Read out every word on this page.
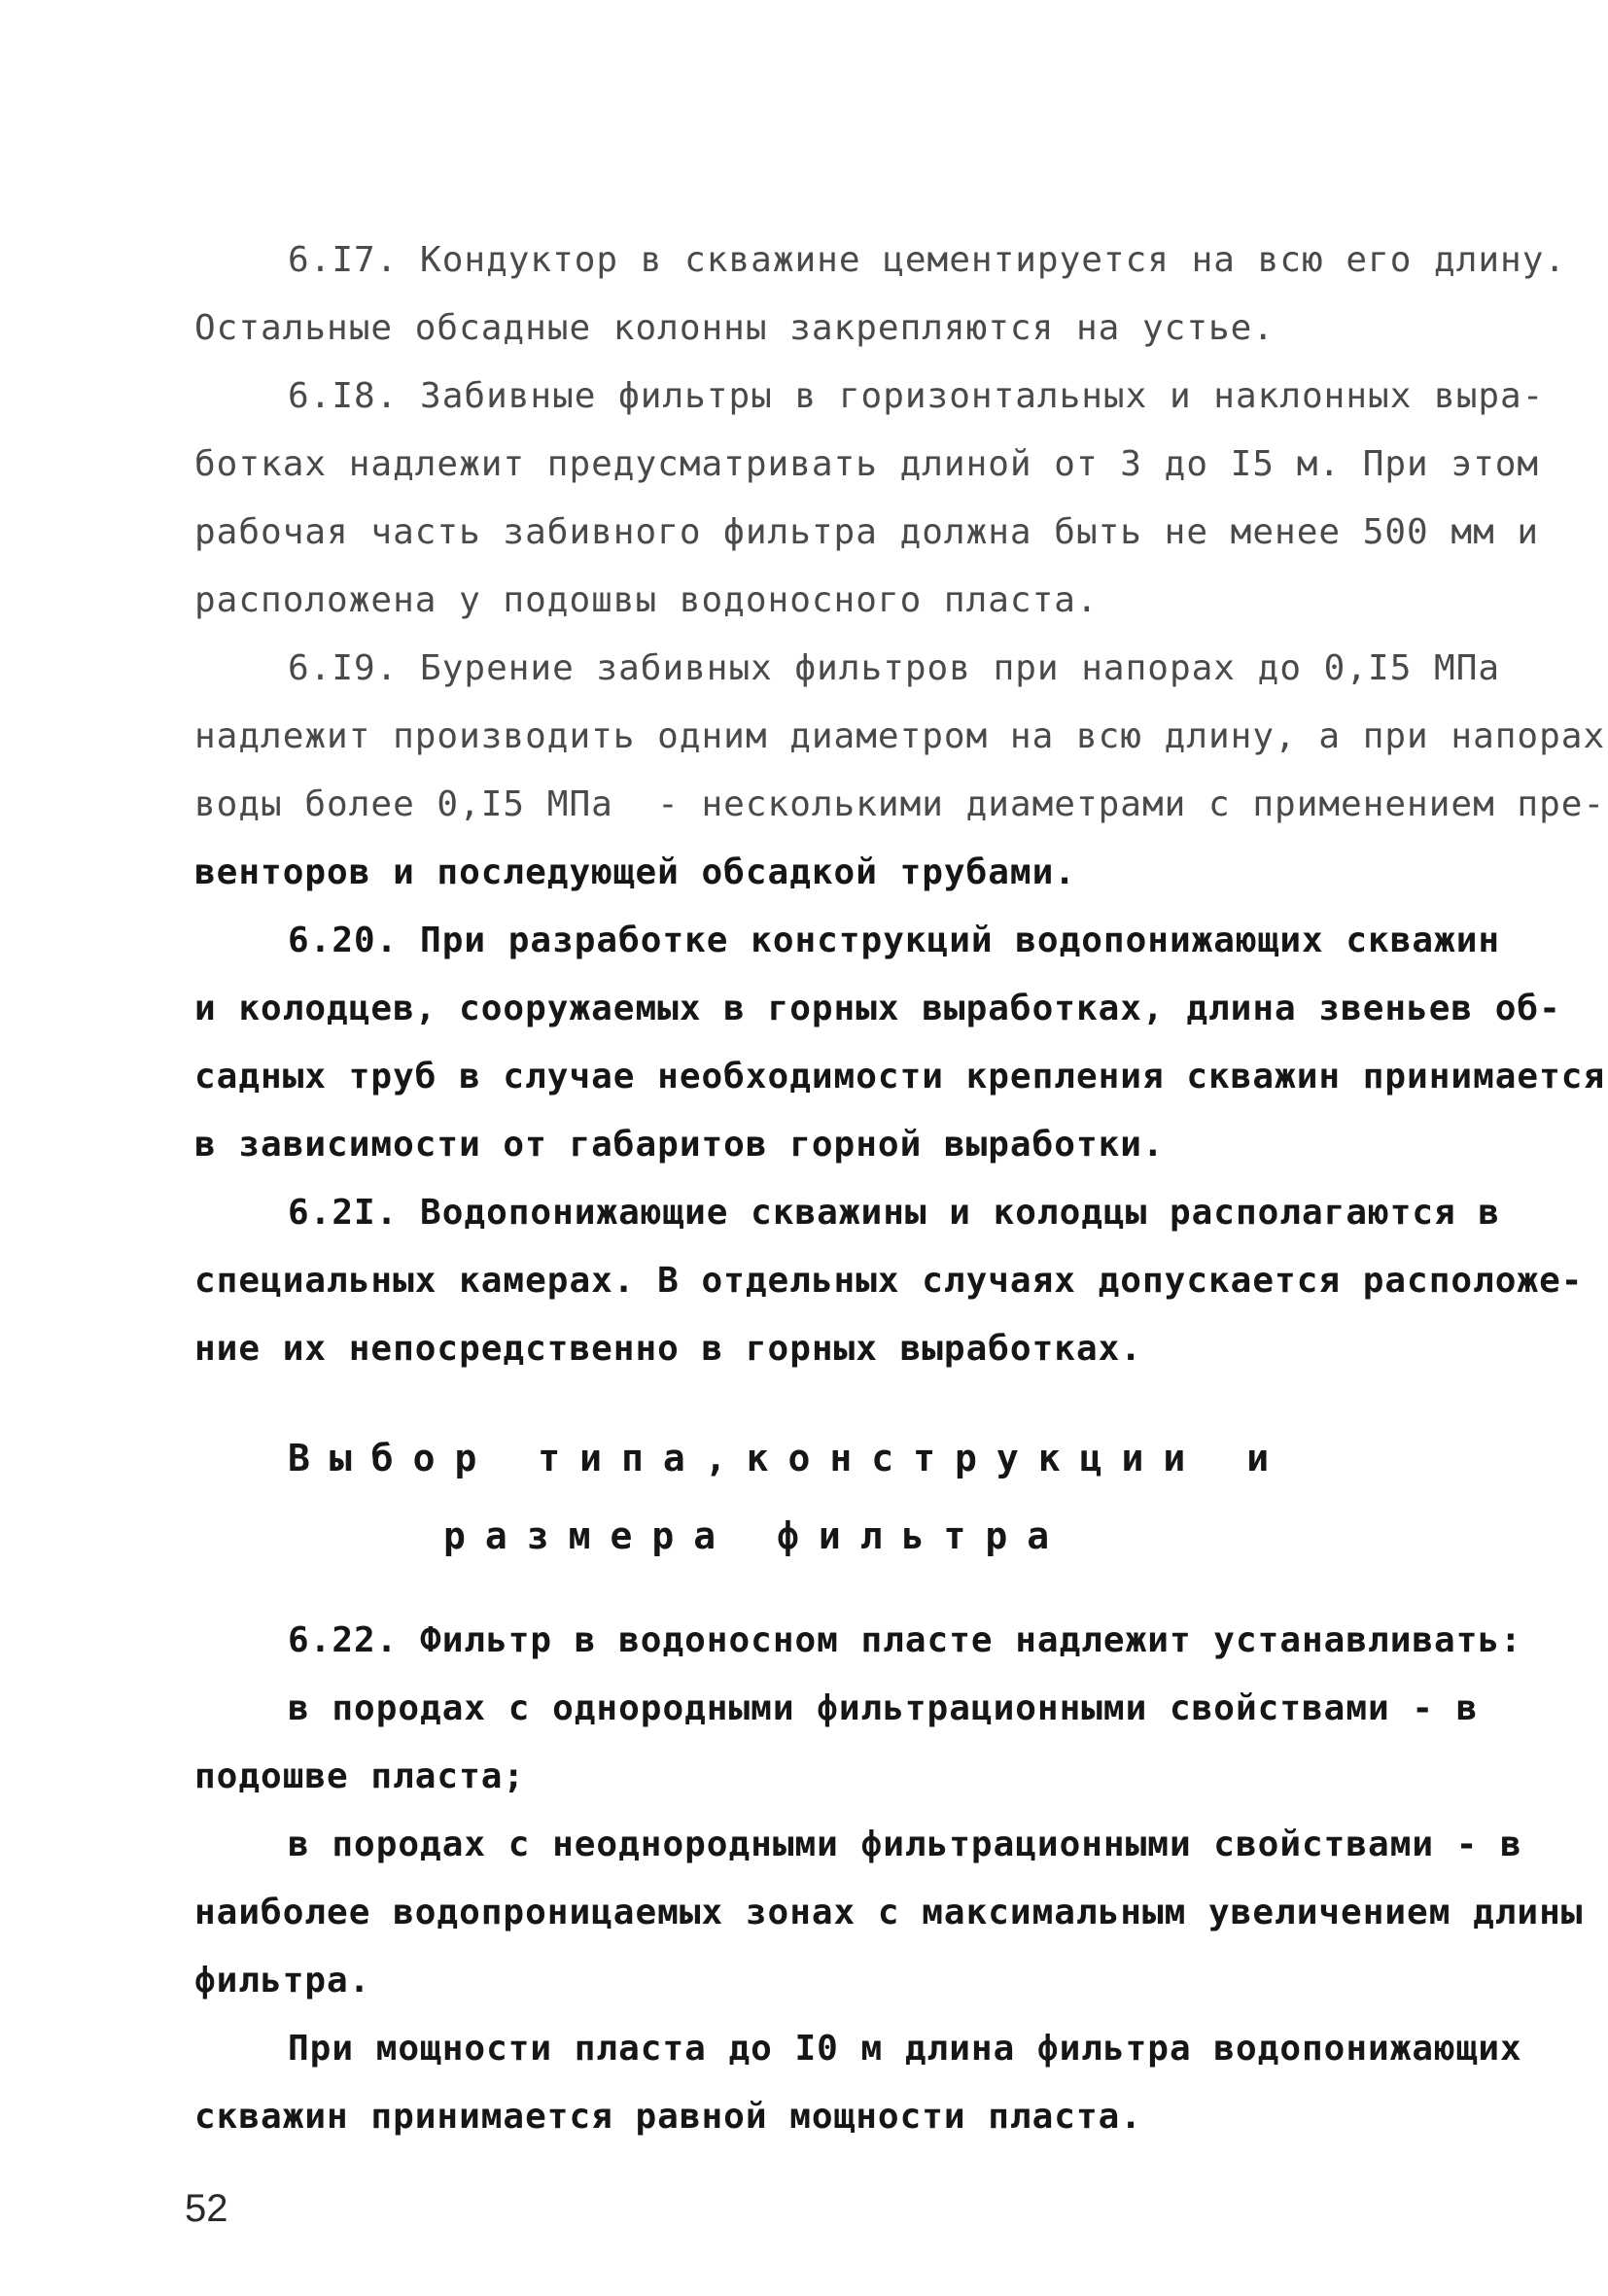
6.I7. Кондуктор в скважине цементируется на всю его длину.
Остальные обсадные колонны закрепляются на устье.
6.I8. Забивные фильтры в горизонтальных и наклонных выра-
ботках надлежит предусматривать длиной от 3 до I5 м. При этом
рабочая часть забивного фильтра должна быть не менее 500 мм и
расположена у подошвы водоносного пласта.
6.I9. Бурение забивных фильтров при напорах до 0,I5 МПа
надлежит производить одним диаметром на всю длину, а при напорах
воды более 0,I5 МПа  - несколькими диаметрами с применением пре-
венторов и последующей обсадкой трубами.
6.20. При разработке конструкций водопонижающих скважин
и колодцев, сооружаемых в горных выработках, длина звеньев об-
садных труб в случае необходимости крепления скважин принимается
в зависимости от габаритов горной выработки.
6.2I. Водопонижающие скважины и колодцы располагаются в
специальных камерах. В отдельных случаях допускается расположе-
ние их непосредственно в горных выработках.
Выбор типа,конструкции и
размера фильтра
6.22. Фильтр в водоносном пласте надлежит устанавливать:
в породах с однородными фильтрационными свойствами - в
подошве пласта;
в породах с неоднородными фильтрационными свойствами - в
наиболее водопроницаемых зонах с максимальным увеличением длины
фильтра.
При мощности пласта до I0 м длина фильтра водопонижающих
скважин принимается равной мощности пласта.
52
